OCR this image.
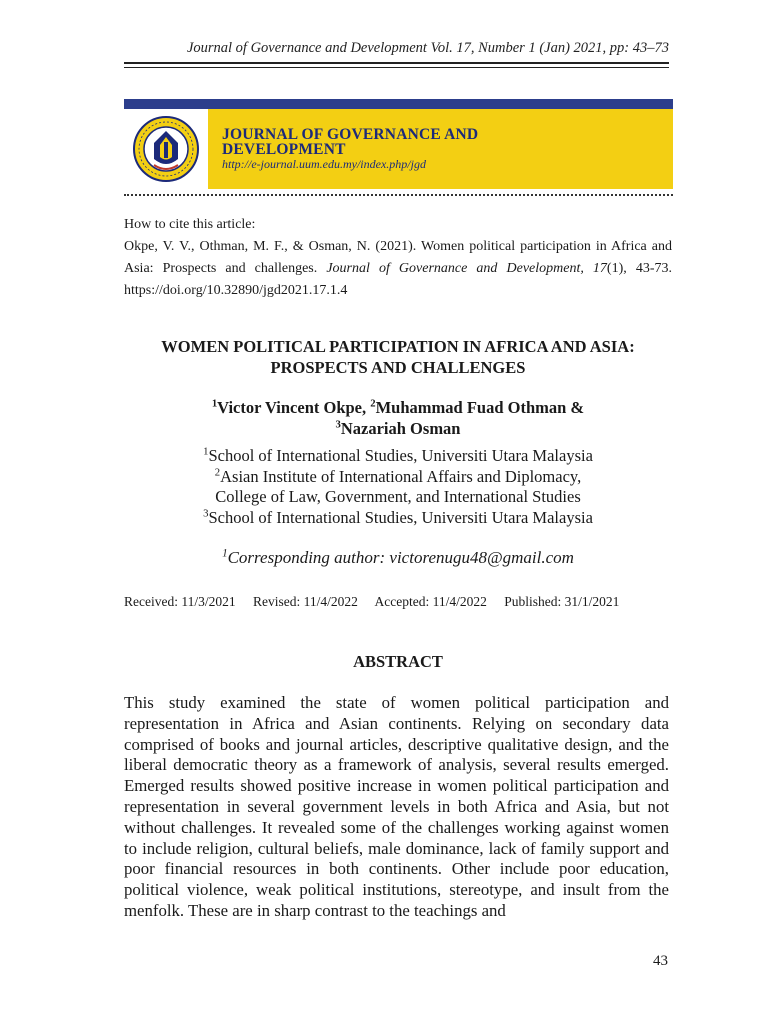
Journal of Governance and Development Vol. 17, Number 1 (Jan) 2021, pp: 43–73
JOURNAL OF GOVERNANCE AND DEVELOPMENT
http://e-journal.uum.edu.my/index.php/jgd
How to cite this article:
Okpe, V. V., Othman, M. F., & Osman, N. (2021). Women political participation in Africa and Asia: Prospects and challenges. Journal of Governance and Development, 17(1), 43-73. https://doi.org/10.32890/jgd2021.17.1.4
WOMEN POLITICAL PARTICIPATION IN AFRICA AND ASIA: PROSPECTS AND CHALLENGES
$^1$Victor Vincent Okpe, $^2$Muhammad Fuad Othman &
$^3$Nazariah Osman
$^1$School of International Studies, Universiti Utara Malaysia
$^2$Asian Institute of International Affairs and Diplomacy,
College of Law, Government, and International Studies
$^3$School of International Studies, Universiti Utara Malaysia
$^1$Corresponding author: victorenugu48@gmail.com
Received: 11/3/2021 Revised: 11/4/2022 Accepted: 11/4/2022 Published: 31/1/2021
ABSTRACT
This study examined the state of women political participation and representation in Africa and Asian continents. Relying on secondary data comprised of books and journal articles, descriptive qualitative design, and the liberal democratic theory as a framework of analysis, several results emerged. Emerged results showed positive increase in women political participation and representation in several government levels in both Africa and Asia, but not without challenges. It revealed some of the challenges working against women to include religion, cultural beliefs, male dominance, lack of family support and poor financial resources in both continents. Other include poor education, political violence, weak political institutions, stereotype, and insult from the menfolk. These are in sharp contrast to the teachings and
43
